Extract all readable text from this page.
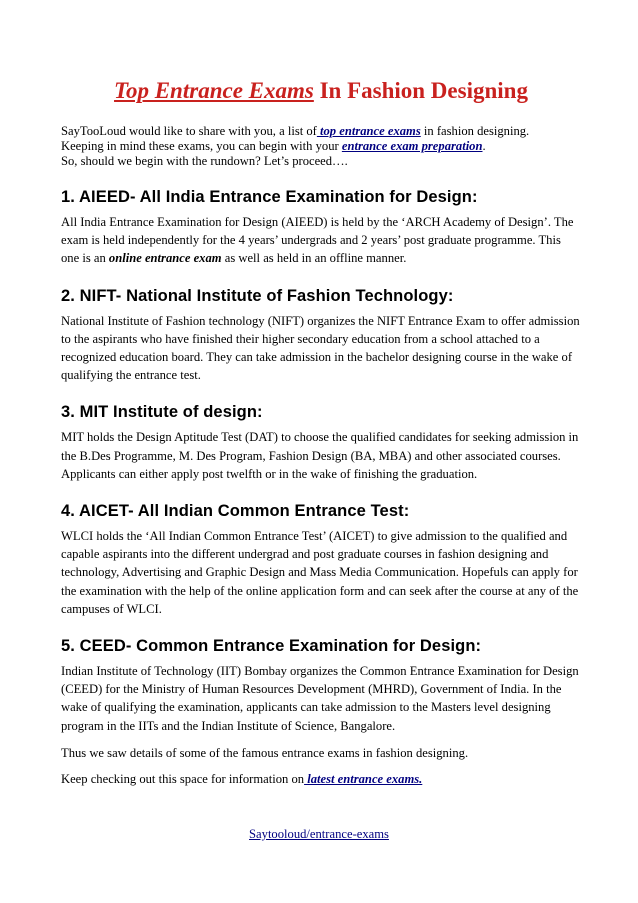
Top Entrance Exams In Fashion Designing

SayTooLoud would like to share with you, a list of top entrance exams in fashion designing.

Keeping in mind these exams, you can begin with your entrance exam preparation.

So, should we begin with the rundown? Let’s proceed….

1. AIEED- All India Entrance Examination for Design:

All India Entrance Examination for Design (AIEED) is held by the ‘ARCH Academy of Design’. The exam is held independently for the 4 years’ undergrads and 2 years’ post graduate programme. This one is an online entrance exam as well as held in an offline manner.

2. NIFT- National Institute of Fashion Technology:

National Institute of Fashion technology (NIFT) organizes the NIFT Entrance Exam to offer admission to the aspirants who have finished their higher secondary education from a school attached to a recognized education board. They can take admission in the bachelor designing course in the wake of qualifying the entrance test.

3. MIT Institute of design:

MIT holds the Design Aptitude Test (DAT) to choose the qualified candidates for seeking admission in the B.Des Programme, M. Des Program, Fashion Design (BA, MBA) and other associated courses. Applicants can either apply post twelfth or in the wake of finishing the graduation.

4. AICET- All Indian Common Entrance Test:

WLCI holds the ‘All Indian Common Entrance Test’ (AICET) to give admission to the qualified and capable aspirants into the different undergrad and post graduate courses in fashion designing and technology, Advertising and Graphic Design and Mass Media Communication. Hopefuls can apply for the examination with the help of the online application form and can seek after the course at any of the campuses of WLCI.

5. CEED- Common Entrance Examination for Design:

Indian Institute of Technology (IIT) Bombay organizes the Common Entrance Examination for Design (CEED) for the Ministry of Human Resources Development (MHRD), Government of India. In the wake of qualifying the examination, applicants can take admission to the Masters level designing program in the IITs and the Indian Institute of Science, Bangalore.

Thus we saw details of some of the famous entrance exams in fashion designing.

Keep checking out this space for information on latest entrance exams.

Saytooloud/entrance-exams
